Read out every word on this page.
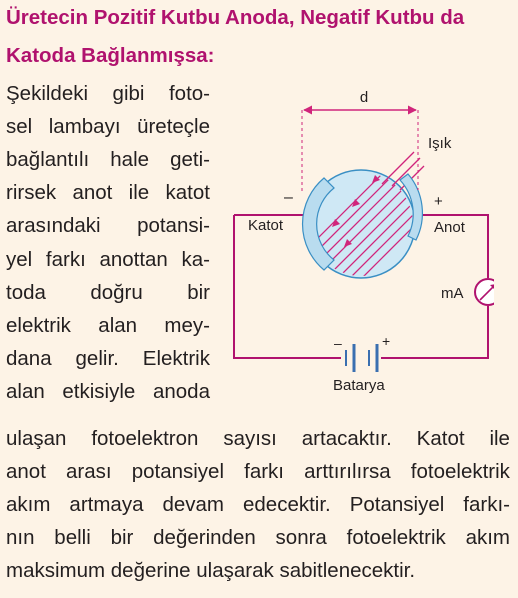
Üretecin Pozitif Kutbu Anoda, Negatif Kutbu da
Katoda Bağlanmışsa:
Şekildeki gibi foto-
sel lambayı üreteçle
bağlantılı hale geti-
rirsek anot ile katot
arasındaki potansi-
yel farkı anottan ka-
toda doğru bir
elektrik alan mey-
dana gelir. Elektrik
alan etkisiyle anoda
ulaşan fotoelektron sayısı artacaktır. Katot ile
anot arası potansiyel farkı arttırılırsa fotoelektrik
akım artmaya devam edecektir. Potansiyel farkı-
nın belli bir değerinden sonra fotoelektrik akım
maksimum değerine ulaşarak sabitlenecektir.
d
Işık
–	+
Katot	Anot
mA
–	+
Batarya
